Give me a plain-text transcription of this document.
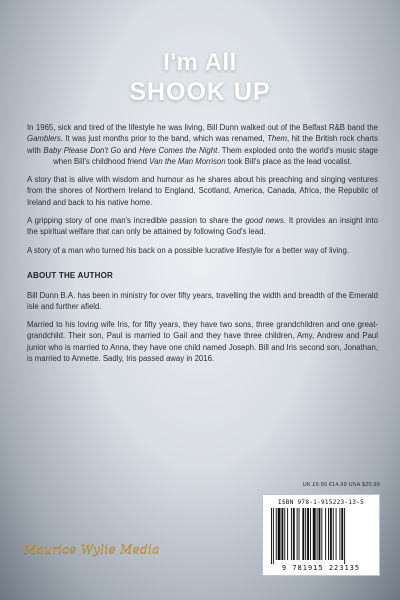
I'm All
SHOOK UP

In 1965, sick and tired of the lifestyle he was living, Bill Dunn walked out of the Belfast R&B band the Gamblers. It was just months prior to the band, which was renamed, Them, hit the British rock charts with Baby Please Don't Go and Here Comes the Night. Them exploded onto the world's music stage when Bill's childhood friend Van the Man Morrison took Bill's place as the lead vocalist.

A story that is alive with wisdom and humour as he shares about his preaching and singing ventures from the shores of Northern Ireland to England, Scotland, America, Canada, Africa, the Republic of Ireland and back to his native home.

A gripping story of one man's incredible passion to share the good news. It provides an insight into the spiritual welfare that can only be attained by following God's lead.

A story of a man who turned his back on a possible lucrative lifestyle for a better way of living.

ABOUT THE AUTHOR

Bill Dunn B.A. has been in ministry for over fifty years, travelling the width and breadth of the Emerald isle and further afield.

Married to his loving wife Iris, for fifty years, they have two sons, three grandchildren and one great-grandchild. Their son, Paul is married to Gail and they have three children, Amy, Andrew and Paul junior who is married to Anna, they have one child named Joseph. Bill and Iris second son, Jonathan, is married to Annette. Sadly, Iris passed away in 2016.

UK £9.99 €14.99 USA $20.99
ISBN 978-1-915223-13-5
9 781915 223135
Maurice Wylie Media
